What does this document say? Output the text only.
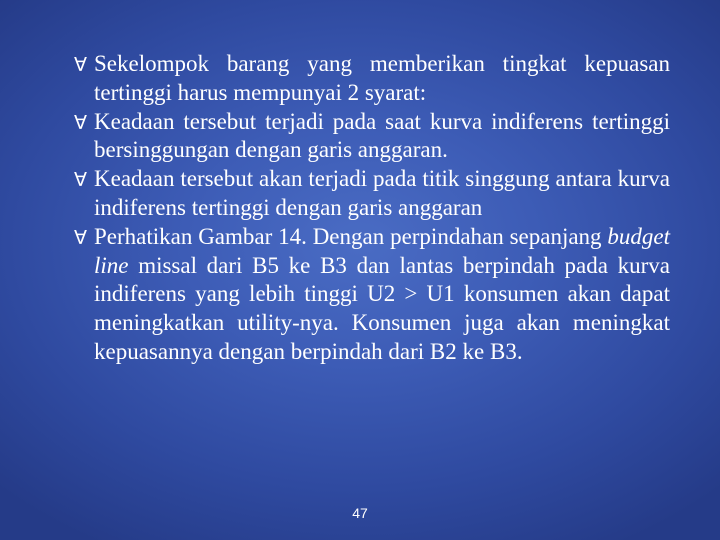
∀ Sekelompok barang yang memberikan tingkat kepuasan tertinggi harus mempunyai 2 syarat:
∀ Keadaan tersebut terjadi pada saat kurva indiferens tertinggi bersinggungan dengan garis anggaran.
∀ Keadaan tersebut akan terjadi pada titik singgung antara kurva indiferens tertinggi dengan garis anggaran
∀ Perhatikan Gambar 14. Dengan perpindahan sepanjang budget line missal dari B5 ke B3 dan lantas berpindah pada kurva indiferens yang lebih tinggi U2 > U1 konsumen akan dapat meningkatkan utility-nya. Konsumen juga akan meningkat kepuasannya dengan berpindah dari B2 ke B3.
47
